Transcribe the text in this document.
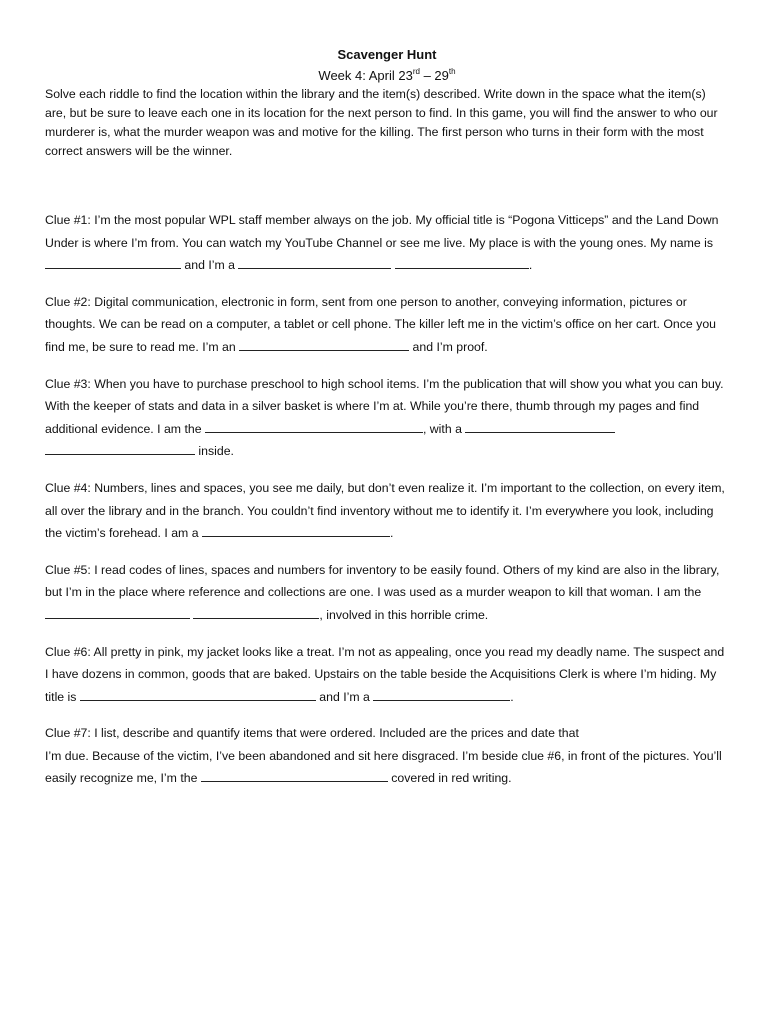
Scavenger Hunt
Week 4: April 23rd – 29th

Solve each riddle to find the location within the library and the item(s) described. Write down in the space what the item(s) are, but be sure to leave each one in its location for the next person to find. In this game, you will find the answer to who our murderer is, what the murder weapon was and motive for the killing. The first person who turns in their form with the most correct answers will be the winner.

Clue #1: I’m the most popular WPL staff member always on the job. My official title is “Pogona Vitticeps” and the Land Down Under is where I’m from. You can watch my YouTube Channel or see me live. My place is with the young ones. My name is  and I’m a	.

Clue #2: Digital communication, electronic in form, sent from one person to another, conveying information, pictures or thoughts. We can be read on a computer, a tablet or cell phone. The killer left me in the victim’s office on her cart. Once you find me, be sure to read me. I’m an	and I’m proof.

Clue #3: When you have to purchase preschool to high school items. I’m the publication that will show you what you can buy. With the keeper of stats and data in a silver basket is where I’m at. While you’re there, thumb through my pages and find additional evidence. I am the	, with a   inside.

Clue #4: Numbers, lines and spaces, you see me daily, but don’t even realize it. I’m important to the collection, on every item, all over the library and in the branch. You couldn’t find inventory without me to identify it. I’m everywhere you look, including the victim’s forehead. I am a	.

Clue #5: I read codes of lines, spaces and numbers for inventory to be easily found. Others of my kind are also in the library, but I’m in the place where reference and collections are one. I was used as a murder weapon to kill that woman. I am the  , involved in this horrible crime.

Clue #6: All pretty in pink, my jacket looks like a treat. I’m not as appealing, once you read my deadly name. The suspect and I have dozens in common, goods that are baked. Upstairs on the table beside the Acquisitions Clerk is where I’m hiding. My title is	and I’m a	.

Clue #7: I list, describe and quantify items that were ordered. Included are the prices and date that
I’m due. Because of the victim, I’ve been abandoned and sit here disgraced. I’m beside clue #6, in front of the pictures. You’ll easily recognize me, I’m the	covered in red writing.
